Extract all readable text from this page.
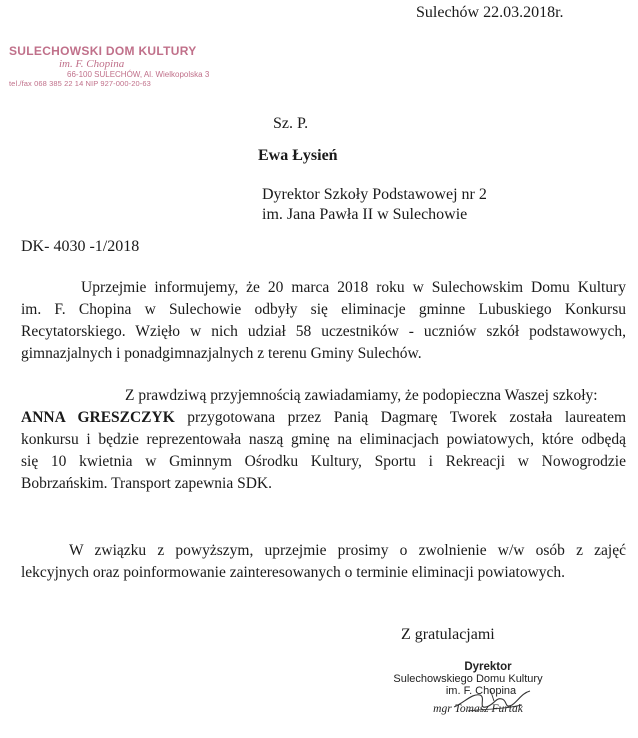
Sulechów 22.03.2018r.
SULECHOWSKI DOM KULTURY
im. F. Chopina
66-100 SULECHÓW, Al. Wielkopolska 3
tel./fax 068 385 22 14 NIP 927-000-20-63
Sz. P.
Ewa Łysień
Dyrektor Szkoły Podstawowej nr 2
im. Jana Pawła II w Sulechowie
DK- 4030 -1/2018
Uprzejmie informujemy, że 20 marca 2018 roku w Sulechowskim Domu Kultury
im. F. Chopina w Sulechowie odbyły się eliminacje gminne Lubuskiego Konkursu
Recytatorskiego. Wzięło w nich udział 58 uczestników - uczniów szkół podstawowych,
gimnazjalnych i ponadgimnazjalnych z terenu Gminy Sulechów.
Z prawdziwą przyjemnością zawiadamiamy, że podopieczna Waszej szkoły:
ANNA GRESZCZYK przygotowana przez Panią Dagmarę Tworek została laureatem
konkursu i będzie reprezentowała naszą gminę na eliminacjach powiatowych, które odbędą
się 10 kwietnia w Gminnym Ośrodku Kultury, Sportu i Rekreacji w Nowogrodzie
Bobrzańskim. Transport zapewnia SDK.
W związku z powyższym, uprzejmie prosimy o zwolnienie w/w osób z zajęć
lekcyjnych oraz poinformowanie zainteresowanych o terminie eliminacji powiatowych.
Z gratulacjami
Dyrektor
Sulechowskiego Domu Kultury
im. F. Chopina
mgr Tomasz Furtak
